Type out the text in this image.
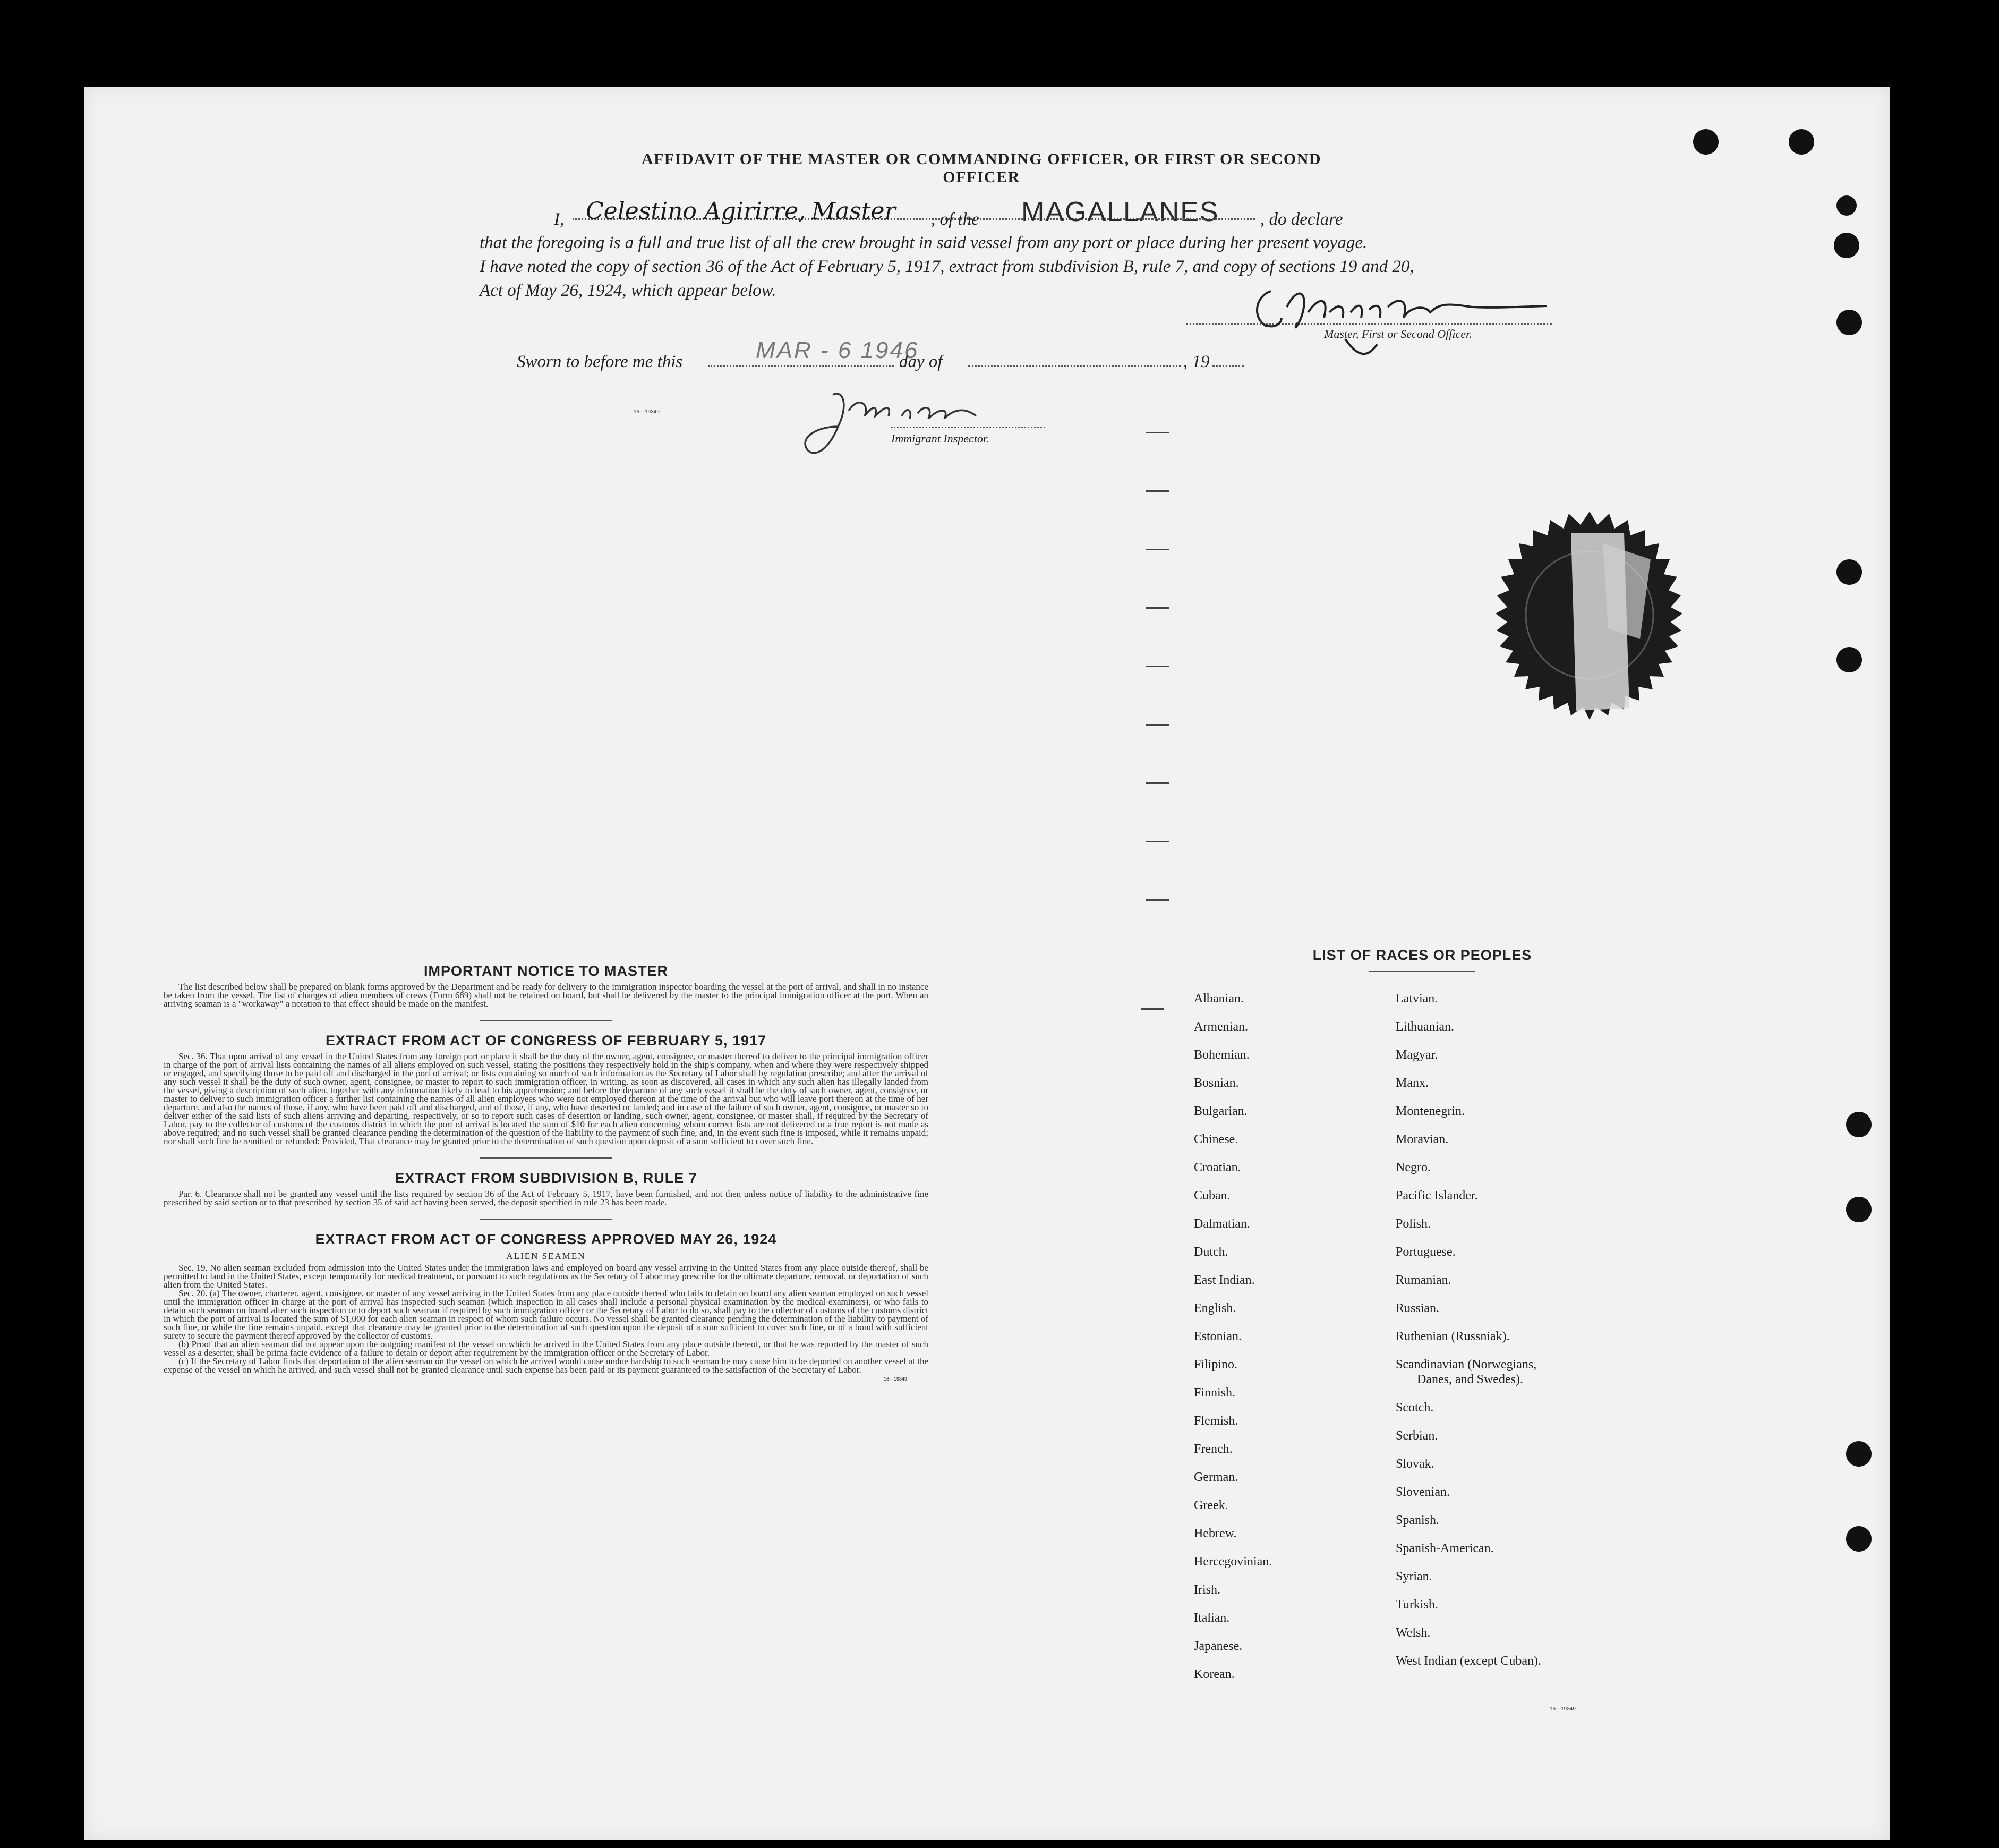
AFFIDAVIT OF THE MASTER OR COMMANDING OFFICER, OR FIRST OR SECOND OFFICER
I, Celestino Agirirre, Master , of the MAGALLANES , do declare
that the foregoing is a full and true list of all the crew brought in said vessel from any port or place during her present voyage.
I have noted the copy of section 36 of the Act of February 5, 1917, extract from subdivision B, rule 7, and copy of sections 19 and 20,
Act of May 26, 1924, which appear below.
Master, First or Second Officer.
Sworn to before me this	MAR - 6 1946
day of	, 19
Immigrant Inspector.
16—19349
IMPORTANT NOTICE TO MASTER

The list described below shall be prepared on blank forms approved by the Department and be ready for delivery to the immigration inspector boarding the vessel at the port of arrival, and shall in no instance be taken from the vessel. The list of changes of alien members of crews (Form 689) shall not be retained on board, but shall be delivered by the master to the principal immigration officer at the port. When an arriving seaman is a "workaway" a notation to that effect should be made on the manifest.

EXTRACT FROM ACT OF CONGRESS OF FEBRUARY 5, 1917

Sec. 36. That upon arrival of any vessel in the United States from any foreign port or place it shall be the duty of the owner, agent, consignee, or master thereof to deliver to the principal immigration officer in charge of the port of arrival lists containing the names of all aliens employed on such vessel, stating the positions they respectively hold in the ship's company, when and where they were respectively shipped or engaged, and specifying those to be paid off and discharged in the port of arrival; or lists containing so much of such information as the Secretary of Labor shall by regulation prescribe; and after the arrival of any such vessel it shall be the duty of such owner, agent, consignee, or master to report to such immigration officer, in writing, as soon as discovered, all cases in which any such alien has illegally landed from the vessel, giving a description of such alien, together with any information likely to lead to his apprehension; and before the departure of any such vessel it shall be the duty of such owner, agent, consignee, or master to deliver to such immigration officer a further list containing the names of all alien employees who were not employed thereon at the time of the arrival but who will leave port thereon at the time of her departure, and also the names of those, if any, who have been paid off and discharged, and of those, if any, who have deserted or landed; and in case of the failure of such owner, agent, consignee, or master so to deliver either of the said lists of such aliens arriving and departing, respectively, or so to report such cases of desertion or landing, such owner, agent, consignee, or master shall, if required by the Secretary of Labor, pay to the collector of customs of the customs district in which the port of arrival is located the sum of $10 for each alien concerning whom correct lists are not delivered or a true report is not made as above required; and no such vessel shall be granted clearance pending the determination of the question of the liability to the payment of such fine, and, in the event such fine is imposed, while it remains unpaid; nor shall such fine be remitted or refunded: Provided, That clearance may be granted prior to the determination of such question upon deposit of a sum sufficient to cover such fine.

EXTRACT FROM SUBDIVISION B, RULE 7

Par. 6. Clearance shall not be granted any vessel until the lists required by section 36 of the Act of February 5, 1917, have been furnished, and not then unless notice of liability to the administrative fine prescribed by said section or to that prescribed by section 35 of said act having been served, the deposit specified in rule 23 has been made.

EXTRACT FROM ACT OF CONGRESS APPROVED MAY 26, 1924
ALIEN SEAMEN

Sec. 19. No alien seaman excluded from admission into the United States under the immigration laws and employed on board any vessel arriving in the United States from any place outside thereof, shall be permitted to land in the United States, except temporarily for medical treatment, or pursuant to such regulations as the Secretary of Labor may prescribe for the ultimate departure, removal, or deportation of such alien from the United States.

Sec. 20. (a) The owner, charterer, agent, consignee, or master of any vessel arriving in the United States from any place outside thereof who fails to detain on board any alien seaman employed on such vessel until the immigration officer in charge at the port of arrival has inspected such seaman (which inspection in all cases shall include a personal physical examination by the medical examiners), or who fails to detain such seaman on board after such inspection or to deport such seaman if required by such immigration officer or the Secretary of Labor to do so, shall pay to the collector of customs of the customs district in which the port of arrival is located the sum of $1,000 for each alien seaman in respect of whom such failure occurs. No vessel shall be granted clearance pending the determination of the liability to payment of such fine, or while the fine remains unpaid, except that clearance may be granted prior to the determination of such question upon the deposit of a sum sufficient to cover such fine, or of a bond with sufficient surety to secure the payment thereof approved by the collector of customs.

(b) Proof that an alien seaman did not appear upon the outgoing manifest of the vessel on which he arrived in the United States from any place outside thereof, or that he was reported by the master of such vessel as a deserter, shall be prima facie evidence of a failure to detain or deport after requirement by the immigration officer or the Secretary of Labor.

(c) If the Secretary of Labor finds that deportation of the alien seaman on the vessel on which he arrived would cause undue hardship to such seaman he may cause him to be deported on another vessel at the expense of the vessel on which he arrived, and such vessel shall not be granted clearance until such expense has been paid or its payment guaranteed to the satisfaction of the Secretary of Labor.

16—19349
LIST OF RACES OR PEOPLES
Albanian.
Armenian.
Bohemian.
Bosnian.
Bulgarian.
Chinese.
Croatian.
Cuban.
Dalmatian.
Dutch.
East Indian.
English.
Estonian.
Filipino.
Finnish.
Flemish.
French.
German.
Greek.
Hebrew.
Hercegovinian.
Irish.
Italian.
Japanese.
Korean.
Latvian.
Lithuanian.
Magyar.
Manx.
Montenegrin.
Moravian.
Negro.
Pacific Islander.
Polish.
Portuguese.
Rumanian.
Russian.
Ruthenian (Russniak).
Scandinavian (Norwegians,
Danes, and Swedes).
Scotch.
Serbian.
Slovak.
Slovenian.
Spanish.
Spanish-American.
Syrian.
Turkish.
Welsh.
West Indian (except Cuban).
16—19349
